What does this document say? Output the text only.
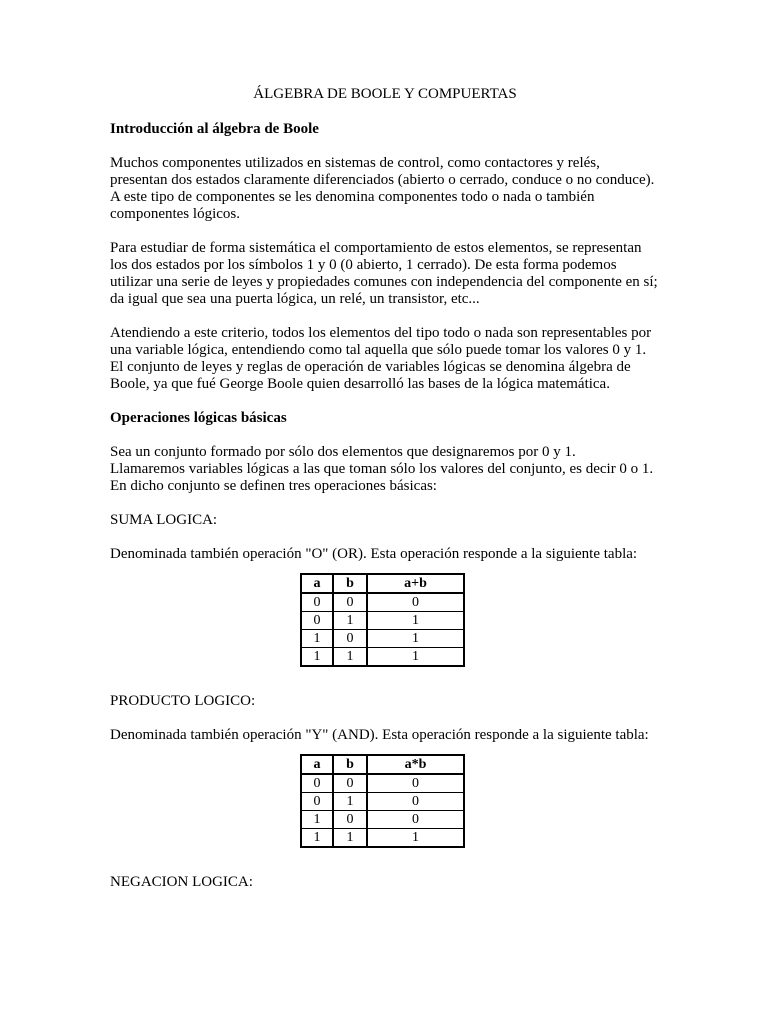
ÁLGEBRA DE BOOLE Y COMPUERTAS
Introducción al álgebra de Boole

Muchos componentes utilizados en sistemas de control, como contactores y relés, presentan dos estados claramente diferenciados (abierto o cerrado, conduce o no conduce). A este tipo de componentes se les denomina componentes todo o nada o también componentes lógicos.

Para estudiar de forma sistemática el comportamiento de estos elementos, se representan los dos estados por los símbolos 1 y 0 (0 abierto, 1 cerrado). De esta forma podemos utilizar una serie de leyes y propiedades comunes con independencia del componente en sí; da igual que sea una puerta lógica, un relé, un transistor, etc...

Atendiendo a este criterio, todos los elementos del tipo todo o nada son representables por una variable lógica, entendiendo como tal aquella que sólo puede tomar los valores 0 y 1. El conjunto de leyes y reglas de operación de variables lógicas se denomina álgebra de Boole, ya que fué George Boole quien desarrolló las bases de la lógica matemática.

Operaciones lógicas básicas

Sea un conjunto formado por sólo dos elementos que designaremos por 0 y 1.
Llamaremos variables lógicas a las que toman sólo los valores del conjunto, es decir 0 o 1.
En dicho conjunto se definen tres operaciones básicas:

SUMA LOGICA:

Denominada también operación "O" (OR). Esta operación responde a la siguiente tabla:

a	b	a+b
0	0	0
0	1	1
1	0	1
1	1	1
PRODUCTO LOGICO:

Denominada también operación "Y" (AND). Esta operación responde a la siguiente tabla:

a	b	a*b
0	0	0
0	1	0
1	0	0
1	1	1
NEGACION LOGICA:
